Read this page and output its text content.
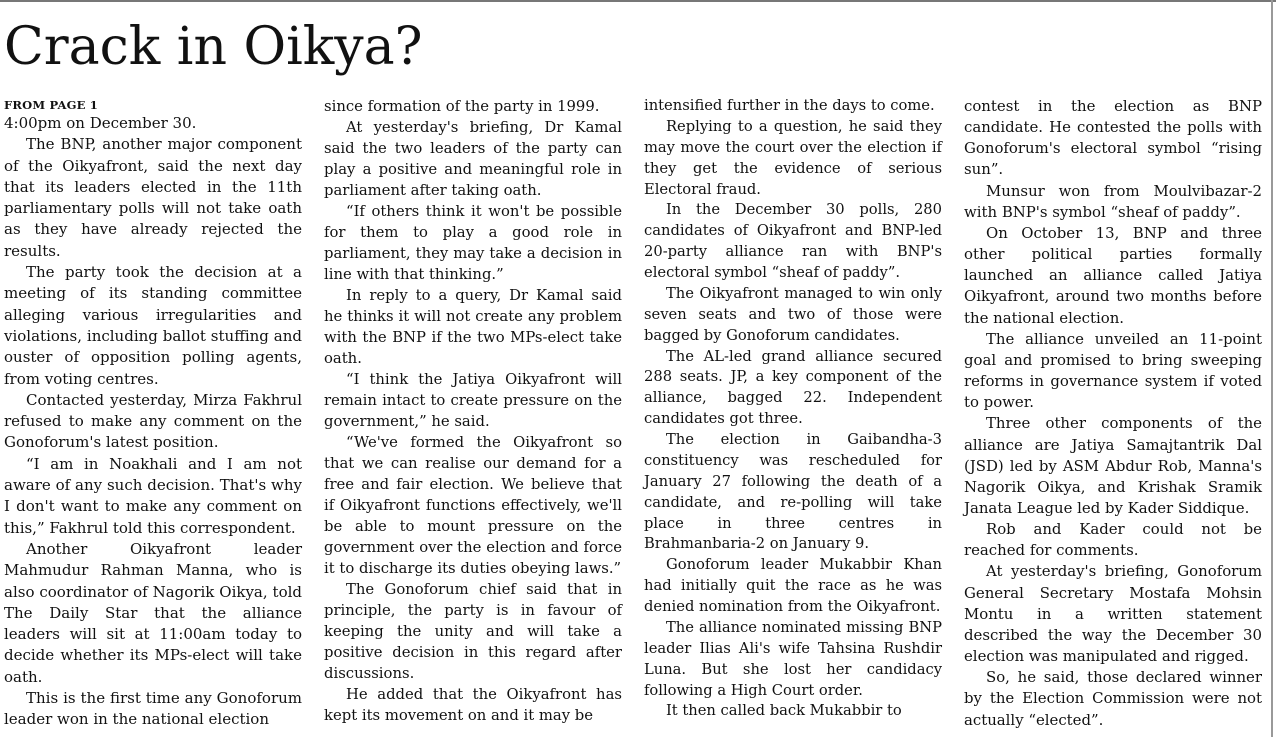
Crack in Oikya?
FROM PAGE 1

4:00pm on December 30.

The BNP, another major component of the Oikyafront, said the next day that its leaders elected in the 11th parliamentary polls will not take oath as they have already rejected the results.

The party took the decision at a meeting of its standing committee alleging various irregularities and violations, including ballot stuffing and ouster of opposition polling agents, from voting centres.

Contacted yesterday, Mirza Fakhrul refused to make any comment on the Gonoforum's latest position.

“I am in Noakhali and I am not aware of any such decision. That's why I don't want to make any comment on this,” Fakhrul told this correspondent.

Another Oikyafront leader Mahmudur Rahman Manna, who is also coordinator of Nagorik Oikya, told The Daily Star that the alliance leaders will sit at 11:00am today to decide whether its MPs-elect will take oath.

This is the first time any Gonoforum leader won in the national election

since formation of the party in 1999.

At yesterday's briefing, Dr Kamal said the two leaders of the party can play a positive and meaningful role in parliament after taking oath.

“If others think it won't be possible for them to play a good role in parliament, they may take a decision in line with that thinking.”

In reply to a query, Dr Kamal said he thinks it will not create any problem with the BNP if the two MPs-elect take oath.

“I think the Jatiya Oikyafront will remain intact to create pressure on the government,” he said.

“We've formed the Oikyafront so that we can realise our demand for a free and fair election. We believe that if Oikyafront functions effectively, we'll be able to mount pressure on the government over the election and force it to discharge its duties obeying laws.”

The Gonoforum chief said that in principle, the party is in favour of keeping the unity and will take a positive decision in this regard after discussions.

He added that the Oikyafront has kept its movement on and it may be

intensified further in the days to come.

Replying to a question, he said they may move the court over the election if they get the evidence of serious Electoral fraud.

In the December 30 polls, 280 candidates of Oikyafront and BNP-led 20-party alliance ran with BNP's electoral symbol “sheaf of paddy”.

The Oikyafront managed to win only seven seats and two of those were bagged by Gonoforum candidates.

The AL-led grand alliance secured 288 seats. JP, a key component of the alliance, bagged 22. Independent candidates got three.

The election in Gaibandha-3 constituency was rescheduled for January 27 following the death of a candidate, and re-polling will take place in three centres in Brahmanbaria-2 on January 9.

Gonoforum leader Mukabbir Khan had initially quit the race as he was denied nomination from the Oikyafront.

The alliance nominated missing BNP leader Ilias Ali's wife Tahsina Rushdir Luna. But she lost her candidacy following a High Court order.

It then called back Mukabbir to

contest in the election as BNP candidate. He contested the polls with Gonoforum's electoral symbol “rising sun”.

Munsur won from Moulvibazar-2 with BNP's symbol “sheaf of paddy”.

On October 13, BNP and three other political parties formally launched an alliance called Jatiya Oikyafront, around two months before the national election.

The alliance unveiled an 11-point goal and promised to bring sweeping reforms in governance system if voted to power.

Three other components of the alliance are Jatiya Samajtantrik Dal (JSD) led by ASM Abdur Rob, Manna's Nagorik Oikya, and Krishak Sramik Janata League led by Kader Siddique.

Rob and Kader could not be reached for comments.

At yesterday's briefing, Gonoforum General Secretary Mostafa Mohsin Montu in a written statement described the way the December 30 election was manipulated and rigged.

So, he said, those declared winner by the Election Commission were not actually “elected”.
